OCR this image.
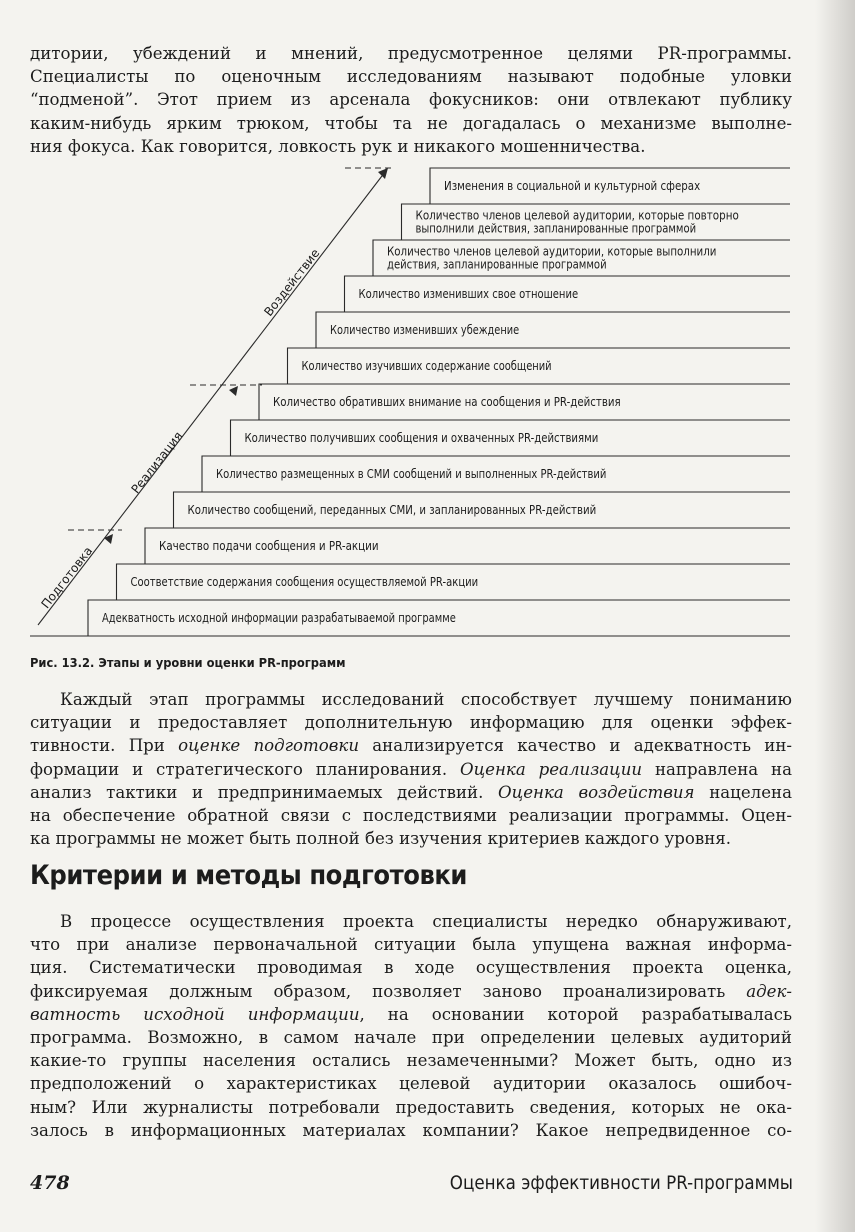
дитории, убеждений и мнений, предусмотренное целями PR-программы.
Специалисты по оценочным исследованиям называют подобные уловки
“подменой”. Этот прием из арсенала фокусников: они отвлекают публику
каким-нибудь ярким трюком, чтобы та не догадалась о механизме выполне-
ния фокуса. Как говорится, ловкость рук и никакого мошенничества.
Адекватность исходной информации разрабатываемой программе
Соответствие содержания сообщения осуществляемой PR-акции
Качество подачи сообщения и PR-акции
Количество сообщений, переданных СМИ, и запланированных PR-действий
Количество размещенных в СМИ сообщений и выполненных PR-действий
Количество получивших сообщения и охваченных PR-действиями
Количество обративших внимание на сообщения и PR-действия
Количество изучивших содержание сообщений
Количество изменивших убеждение
Количество изменивших свое отношение
Количество членов целевой аудитории, которые выполнили
действия, запланированные программой
Количество членов целевой аудитории, которые повторно
выполнили действия, запланированные программой
Изменения в социальной и культурной сферах
Подготовка
Реализация
Воздействие

Рис. 13.2. Этапы и уровни оценки PR-программ

Каждый этап программы исследований способствует лучшему пониманию
ситуации и предоставляет дополнительную информацию для оценки эффек-
тивности. При оценке подготовки анализируется качество и адекватность ин-
формации и стратегического планирования. Оценка реализации направлена на
анализ тактики и предпринимаемых действий. Оценка воздействия нацелена
на обеспечение обратной связи с последствиями реализации программы. Оцен-
ка программы не может быть полной без изучения критериев каждого уровня.
Критерии и методы подготовки
В процессе осуществления проекта специалисты нередко обнаруживают,
что при анализе первоначальной ситуации была упущена важная информа-
ция. Систематически проводимая в ходе осуществления проекта оценка,
фиксируемая должным образом, позволяет заново проанализировать адек-
ватность исходной информации, на основании которой разрабатывалась
программа. Возможно, в самом начале при определении целевых аудиторий
какие-то группы населения остались незамеченными? Может быть, одно из
предположений о характеристиках целевой аудитории оказалось ошибоч-
ным? Или журналисты потребовали предоставить сведения, которых не ока-
залось в информационных материалах компании? Какое непредвиденное со-
478	Оценка эффективности PR-программы
